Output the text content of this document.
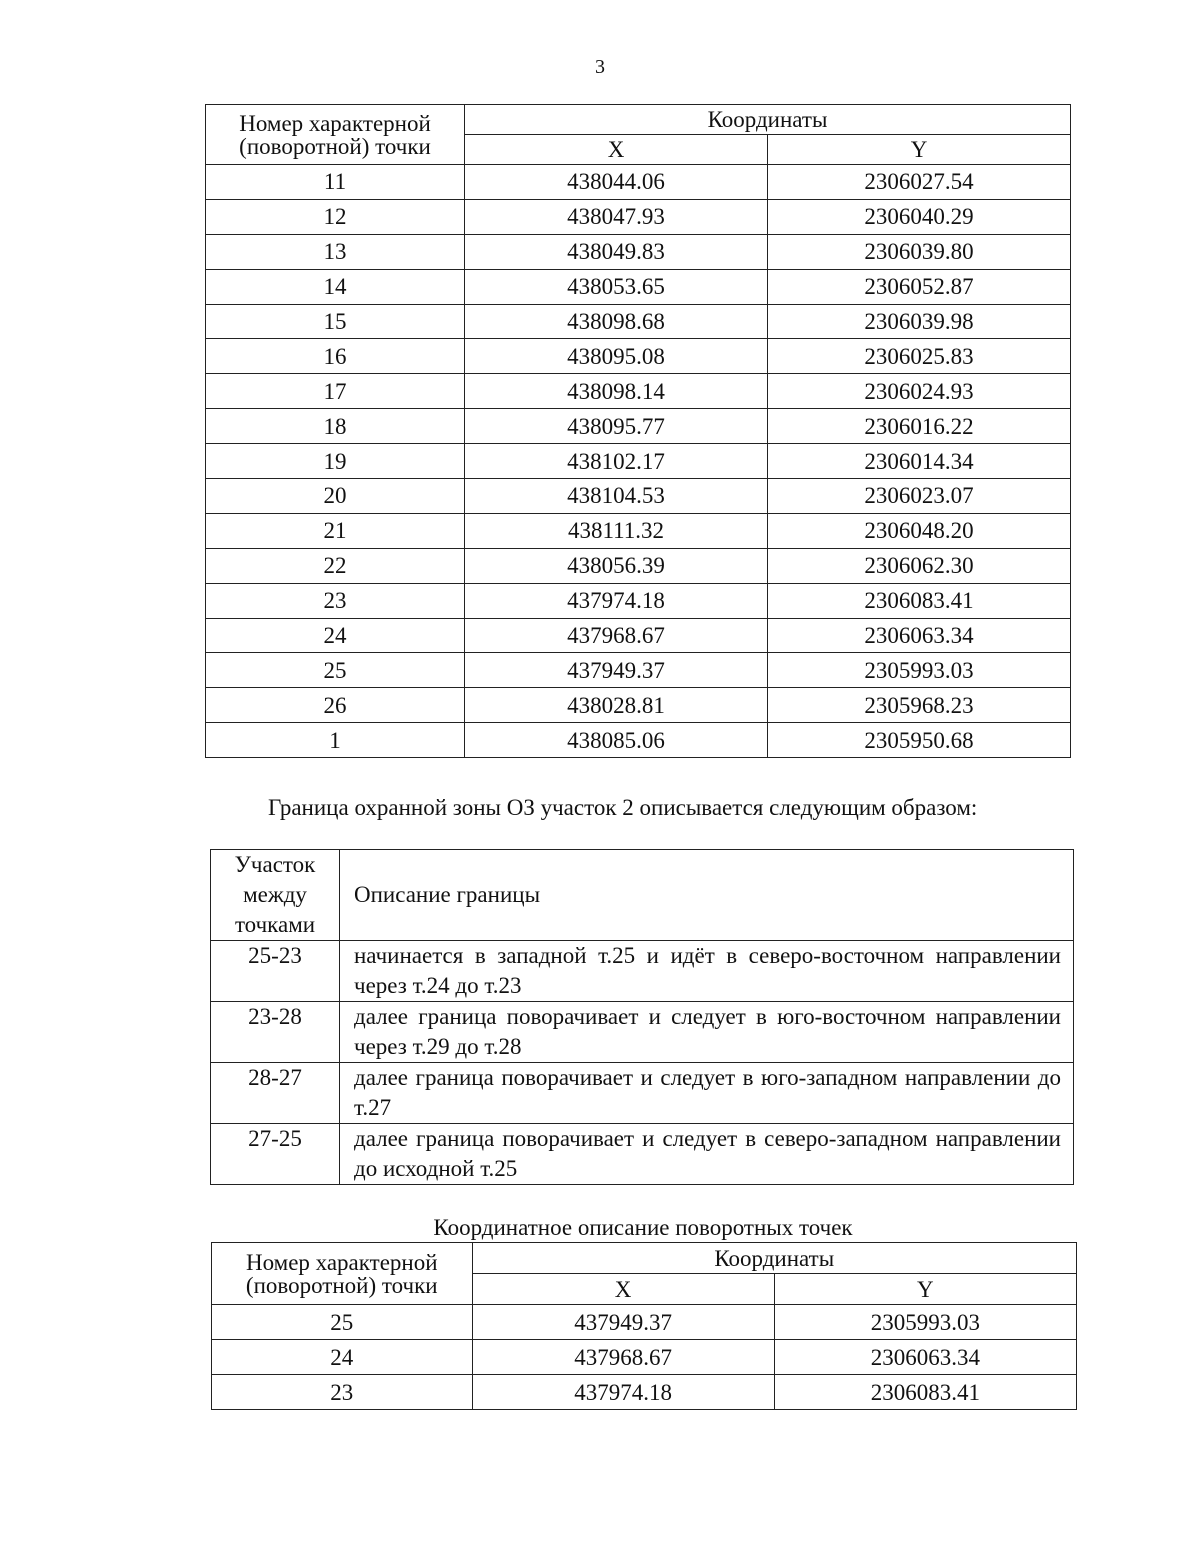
3
Номер характерной (поворотной) точки	Координаты	
	X	Y
11	438044.06	2306027.54
12	438047.93	2306040.29
13	438049.83	2306039.80
14	438053.65	2306052.87
15	438098.68	2306039.98
16	438095.08	2306025.83
17	438098.14	2306024.93
18	438095.77	2306016.22
19	438102.17	2306014.34
20	438104.53	2306023.07
21	438111.32	2306048.20
22	438056.39	2306062.30
23	437974.18	2306083.41
24	437968.67	2306063.34
25	437949.37	2305993.03
26	438028.81	2305968.23
1	438085.06	2305950.68
Граница охранной зоны ОЗ участок 2 описывается следующим образом:
Участок между точками	Описание границы
25-23	начинается в западной т.25 и идёт в северо-восточном направлении через т.24 до т.23
23-28	далее граница поворачивает и следует в юго-восточном направлении через т.29 до т.28
28-27	далее граница поворачивает и следует в юго-западном направлении до т.27
27-25	далее граница поворачивает и следует в северо-западном направлении до исходной т.25
Координатное описание поворотных точек
Номер характерной (поворотной) точки	Координаты	
	X	Y
25	437949.37	2305993.03
24	437968.67	2306063.34
23	437974.18	2306083.41
